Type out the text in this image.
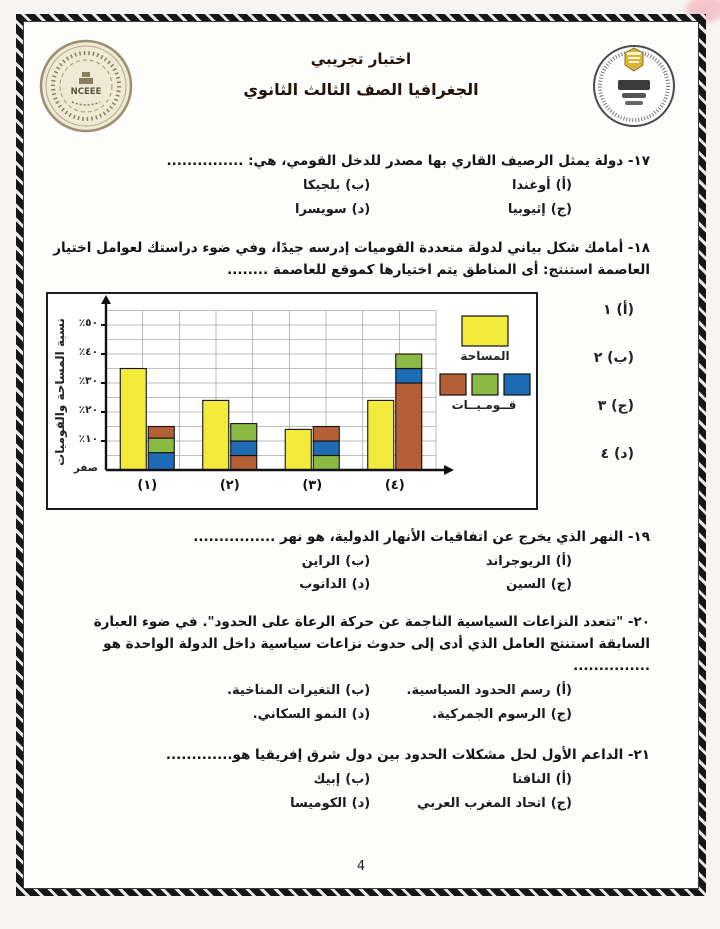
NCEEE
اختبار تجريبي
الجغرافيا الصف الثالث الثانوي
١٧- دولة يمثل الرصيف القاري بها مصدر للدخل القومي، هي: ...............
(أ)أوغندا
(ب)بلجيكا
(ج)إثيوبيا
(د)سويسرا
١٨- أمامك شكل بياني لدولة متعددة القوميات إدرسه جيدًا، وفي ضوء دراستك لعوامل اختيار العاصمة استنتج: أى المناطق يتم اختيارها كموقع للعاصمة ........
(أ) ١
(ب) ٢
(ج) ٣
(د) ٤
نسبة المساحة والقوميات
صفر
١٠٪
٢٠٪
٣٠٪
٤٠٪
٥٠٪
(١)	(٢)	(٣)	(٤)
المساحة
قــومـيــات
١٩- النهر الذي يخرج عن اتفاقيات الأنهار الدولية، هو نهر ................
(أ)الريوجراند
(ب)الراين
(ج)السين
(د)الدانوب
٢٠- "تتعدد النزاعات السياسية الناجمة عن حركة الرعاة على الحدود". في ضوء العبارة السابقة استنتج العامل الذي أدى إلى حدوث نزاعات سياسية داخل الدولة الواحدة هو ...............
(أ)رسم الحدود السياسية.
(ب)التغيرات المناخية.
(ج)الرسوم الجمركية.
(د)النمو السكاني.
٢١- الداعم الأول لحل مشكلات الحدود بين دول شرق إفريقيا هو.............
(أ)النافتا
(ب)إبيك
(ج)اتحاد المغرب العربي
(د)الكوميسا
4
